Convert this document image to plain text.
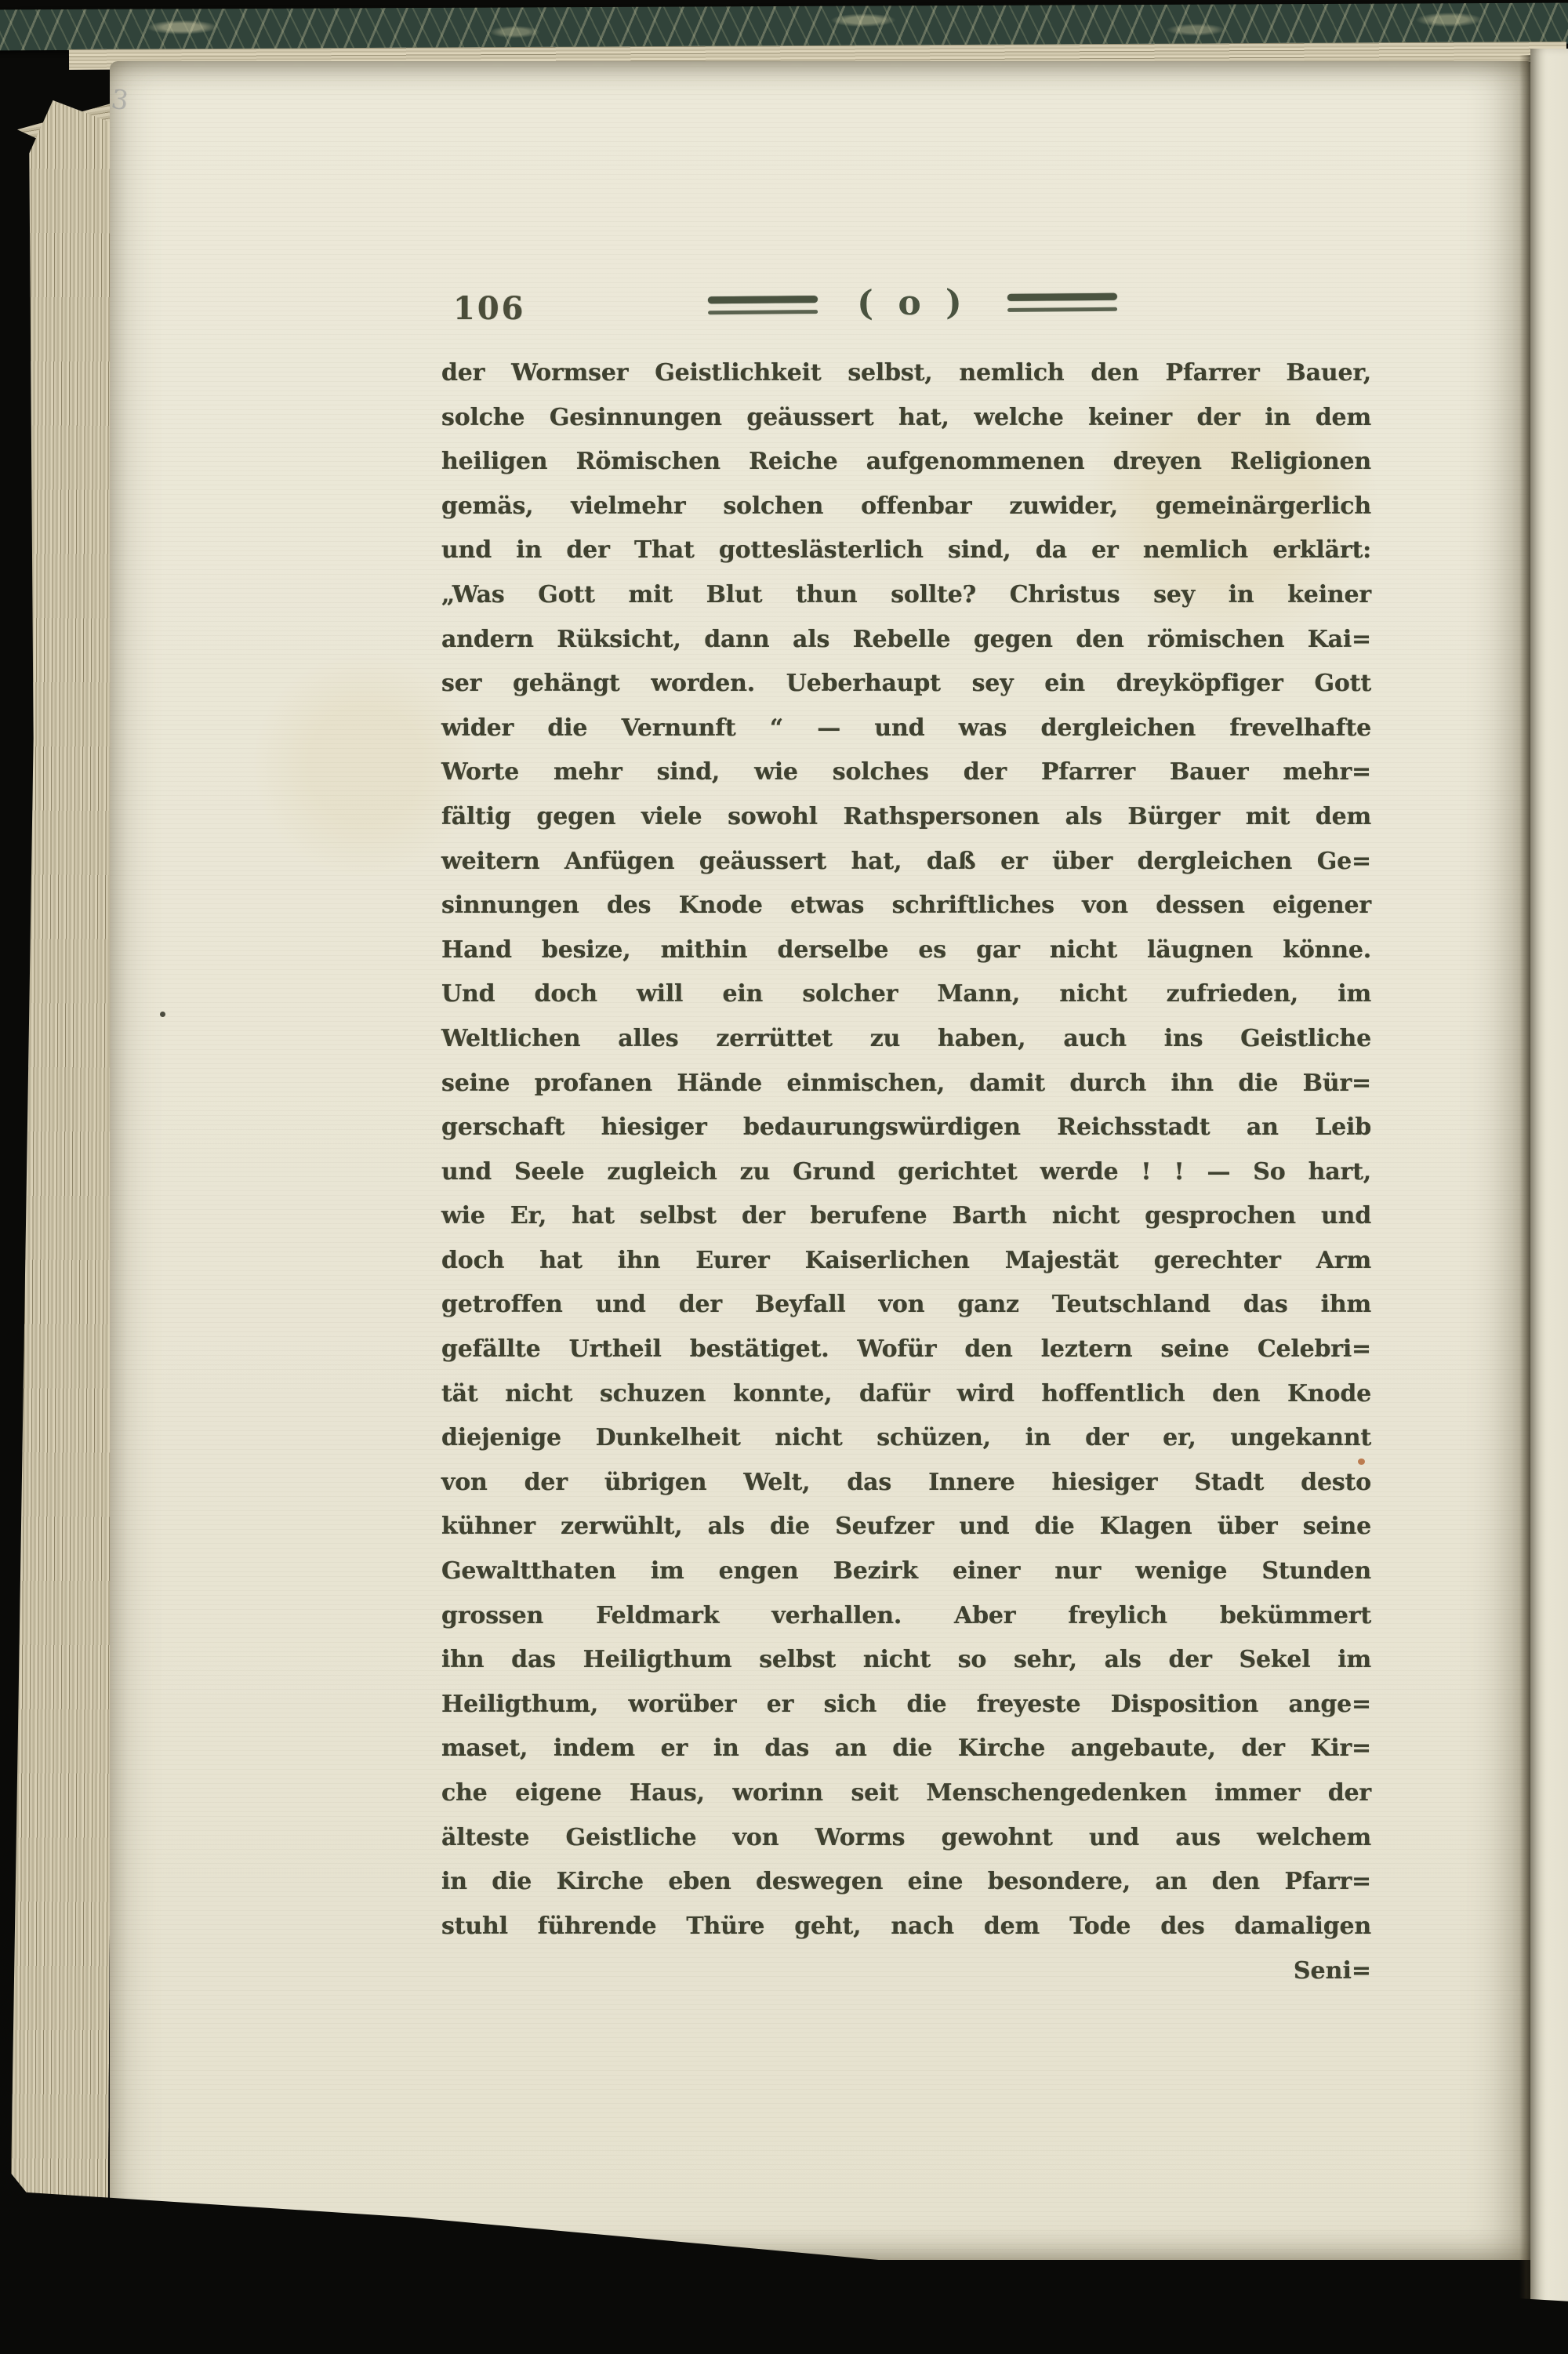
3
106	( o )
der Wormser Geistlichkeit selbst, nemlich den Pfarrer Bauer,
solche Gesinnungen geäussert hat, welche keiner der in dem
heiligen Römischen Reiche aufgenommenen dreyen Religionen
gemäs, vielmehr solchen offenbar zuwider, gemeinärgerlich
und in der That gotteslästerlich sind, da er nemlich erklärt:
„Was Gott mit Blut thun sollte? Christus sey in keiner
andern Rüksicht, dann als Rebelle gegen den römischen Kai=
ser gehängt worden. Ueberhaupt sey ein dreyköpfiger Gott
wider die Vernunft “ — und was dergleichen frevelhafte
Worte mehr sind, wie solches der Pfarrer Bauer mehr=
fältig gegen viele sowohl Rathspersonen als Bürger mit dem
weitern Anfügen geäussert hat, daß er über dergleichen Ge=
sinnungen des Knode etwas schriftliches von dessen eigener
Hand besize, mithin derselbe es gar nicht läugnen könne.
Und doch will ein solcher Mann, nicht zufrieden, im
Weltlichen alles zerrüttet zu haben, auch ins Geistliche
seine profanen Hände einmischen, damit durch ihn die Bür=
gerschaft hiesiger bedaurungswürdigen Reichsstadt an Leib
und Seele zugleich zu Grund gerichtet werde ! ! — So hart,
wie Er, hat selbst der berufene Barth nicht gesprochen und
doch hat ihn Eurer Kaiserlichen Majestät gerechter Arm
getroffen und der Beyfall von ganz Teutschland das ihm
gefällte Urtheil bestätiget. Wofür den leztern seine Celebri=
tät nicht schuzen konnte, dafür wird hoffentlich den Knode
diejenige Dunkelheit nicht schüzen, in der er, ungekannt
von der übrigen Welt, das Innere hiesiger Stadt desto
kühner zerwühlt, als die Seufzer und die Klagen über seine
Gewaltthaten im engen Bezirk einer nur wenige Stunden
grossen Feldmark verhallen. Aber freylich bekümmert
ihn das Heiligthum selbst nicht so sehr, als der Sekel im
Heiligthum, worüber er sich die freyeste Disposition ange=
maset, indem er in das an die Kirche angebaute, der Kir=
che eigene Haus, worinn seit Menschengedenken immer der
älteste Geistliche von Worms gewohnt und aus welchem
in die Kirche eben deswegen eine besondere, an den Pfarr=
stuhl führende Thüre geht, nach dem Tode des damaligen
Seni=
